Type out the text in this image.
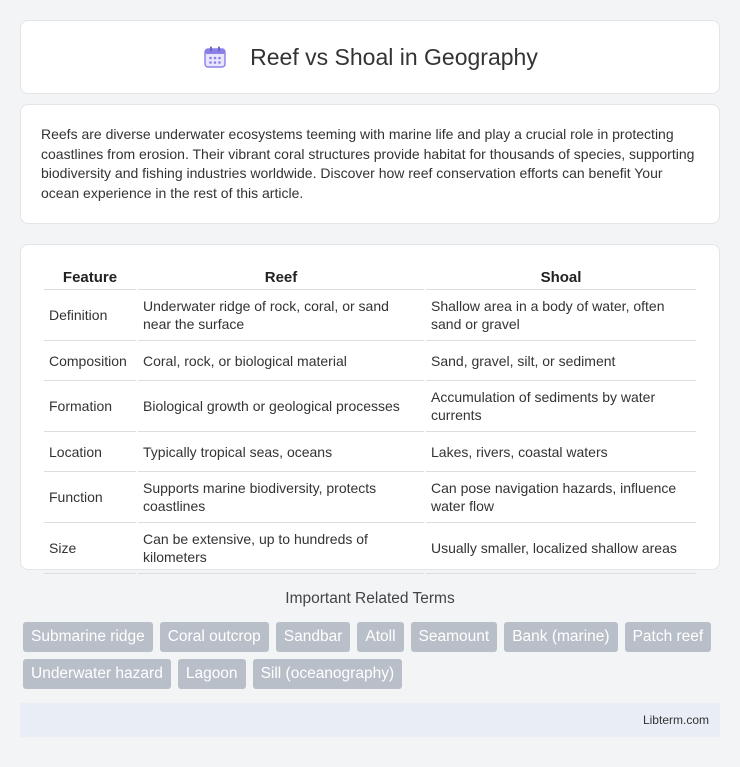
Reef vs Shoal in Geography

Reefs are diverse underwater ecosystems teeming with marine life and play a crucial role in protecting coastlines from erosion. Their vibrant coral structures provide habitat for thousands of species, supporting biodiversity and fishing industries worldwide. Discover how reef conservation efforts can benefit Your ocean experience in the rest of this article.

Feature	Reef	Shoal
Definition	Underwater ridge of rock, coral, or sand near the surface	Shallow area in a body of water, often sand or gravel
Composition	Coral, rock, or biological material	Sand, gravel, silt, or sediment
Formation	Biological growth or geological processes	Accumulation of sediments by water currents
Location	Typically tropical seas, oceans	Lakes, rivers, coastal waters
Function	Supports marine biodiversity, protects coastlines	Can pose navigation hazards, influence water flow
Size	Can be extensive, up to hundreds of kilometers	Usually smaller, localized shallow areas
Important Related Terms
Submarine ridge	Coral outcrop	Sandbar	Atoll	Seamount	Bank (marine)	Patch reef
Underwater hazard	Lagoon	Sill (oceanography)
Libterm.com
